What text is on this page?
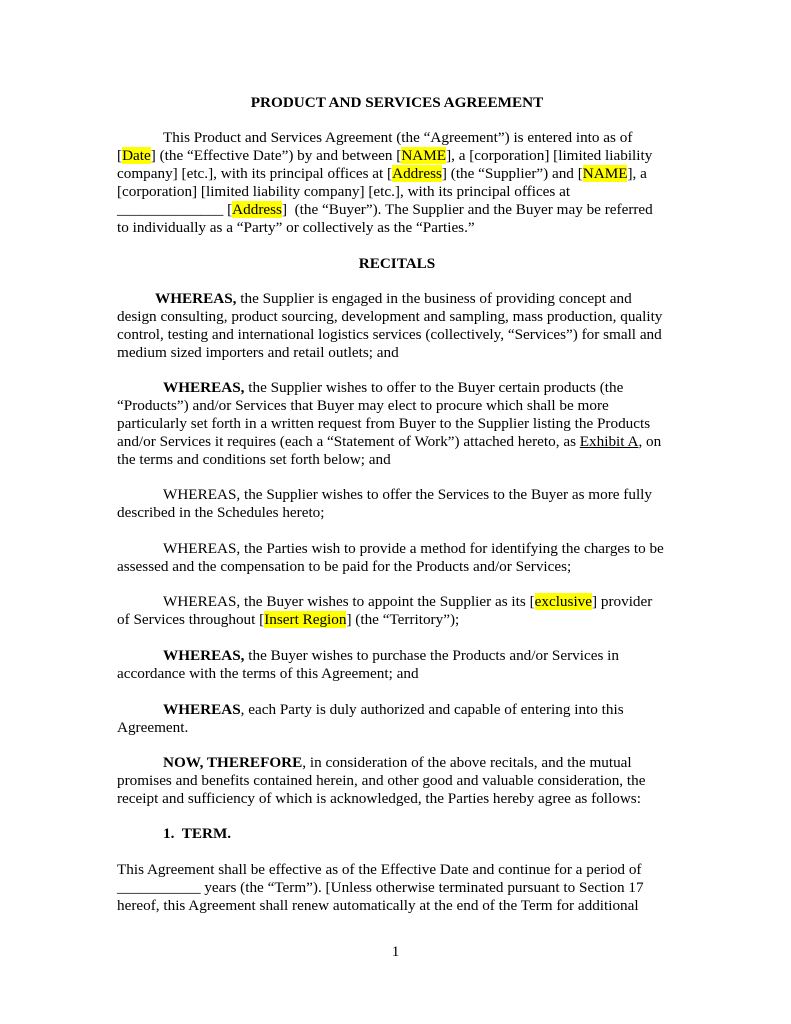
PRODUCT AND SERVICES AGREEMENT
This Product and Services Agreement (the “Agreement”) is entered into as of
[Date] (the “Effective Date”) by and between [NAME], a [corporation] [limited liability
company] [etc.], with its principal offices at [Address] (the “Supplier”) and [NAME], a
[corporation] [limited liability company] [etc.], with its principal offices at
______________ [Address]  (the “Buyer”). The Supplier and the Buyer may be referred
to individually as a “Party” or collectively as the “Parties.”
RECITALS
WHEREAS, the Supplier is engaged in the business of providing concept and
design consulting, product sourcing, development and sampling, mass production, quality
control, testing and international logistics services (collectively, “Services”) for small and
medium sized importers and retail outlets; and
WHEREAS, the Supplier wishes to offer to the Buyer certain products (the
“Products”) and/or Services that Buyer may elect to procure which shall be more
particularly set forth in a written request from Buyer to the Supplier listing the Products
and/or Services it requires (each a “Statement of Work”) attached hereto, as Exhibit A, on
the terms and conditions set forth below; and
WHEREAS, the Supplier wishes to offer the Services to the Buyer as more fully
described in the Schedules hereto;
WHEREAS, the Parties wish to provide a method for identifying the charges to be
assessed and the compensation to be paid for the Products and/or Services;
WHEREAS, the Buyer wishes to appoint the Supplier as its [exclusive] provider
of Services throughout [Insert Region] (the “Territory”);
WHEREAS, the Buyer wishes to purchase the Products and/or Services in
accordance with the terms of this Agreement; and
WHEREAS, each Party is duly authorized and capable of entering into this
Agreement.
NOW, THEREFORE, in consideration of the above recitals, and the mutual
promises and benefits contained herein, and other good and valuable consideration, the
receipt and sufficiency of which is acknowledged, the Parties hereby agree as follows:
1. TERM.
This Agreement shall be effective as of the Effective Date and continue for a period of
___________ years (the “Term”). [Unless otherwise terminated pursuant to Section 17
hereof, this Agreement shall renew automatically at the end of the Term for additional
1
